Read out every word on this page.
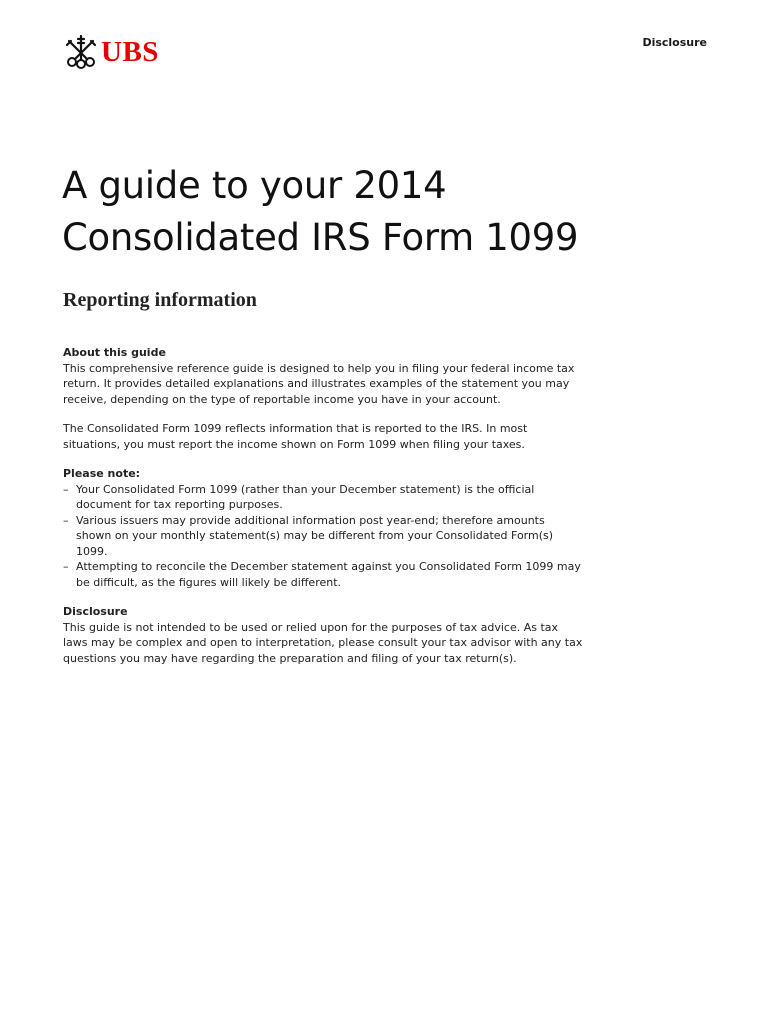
UBS	Disclosure
A guide to your 2014
Consolidated IRS Form 1099
Reporting information
About this guide

This comprehensive reference guide is designed to help you in filing your federal income tax return. It provides detailed explanations and illustrates examples of the statement you may receive, depending on the type of reportable income you have in your account.

The Consolidated Form 1099 reflects information that is reported to the IRS. In most situations, you must report the income shown on Form 1099 when filing your taxes.

Please note:
– Your Consolidated Form 1099 (rather than your December statement) is the official document for tax reporting purposes.
– Various issuers may provide additional information post year-end; therefore amounts shown on your monthly statement(s) may be different from your Consolidated Form(s) 1099.
– Attempting to reconcile the December statement against you Consolidated Form 1099 may be difficult, as the figures will likely be different.
Disclosure

This guide is not intended to be used or relied upon for the purposes of tax advice. As tax laws may be complex and open to interpretation, please consult your tax advisor with any tax questions you may have regarding the preparation and filing of your tax return(s).
